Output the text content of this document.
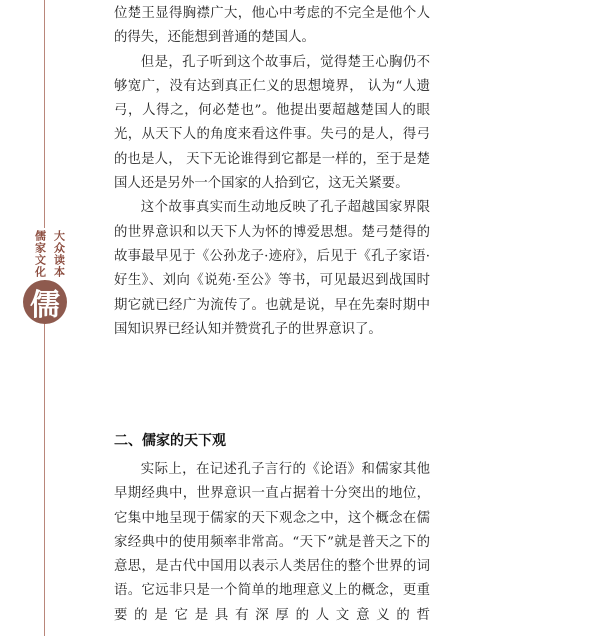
儒家文化 大众读本
儒

位楚王显得胸襟广大，他心中考虑的不完全是他个人的得失，还能想到普通的楚国人。

但是，孔子听到这个故事后，觉得楚王心胸仍不够宽广，没有达到真正仁义的思想境界， 认为“人遗弓，人得之，何必楚也”。他提出要超越楚国人的眼光，从天下人的角度来看这件事。失弓的是人，得弓的也是人， 天下无论谁得到它都是一样的，至于是楚国人还是另外一个国家的人拾到它，这无关紧要。

这个故事真实而生动地反映了孔子超越国家界限的世界意识和以天下人为怀的博爱思想。楚弓楚得的故事最早见于《公孙龙子·迹府》，后见于《孔子家语·好生》、刘向《说苑·至公》等书，可见最迟到战国时期它就已经广为流传了。也就是说，早在先秦时期中国知识界已经认知并赞赏孔子的世界意识了。

二、儒家的天下观

实际上，在记述孔子言行的《论语》和儒家其他早期经典中，世界意识一直占据着十分突出的地位，它集中地呈现于儒家的天下观念之中，这个概念在儒家经典中的使用频率非常高。“天下”就是普天之下的意思，是古代中国用以表示人类居住的整个世界的词语。它远非只是一个简单的地理意义上的概念，更重要的是它是具有深厚的人文意义的哲
